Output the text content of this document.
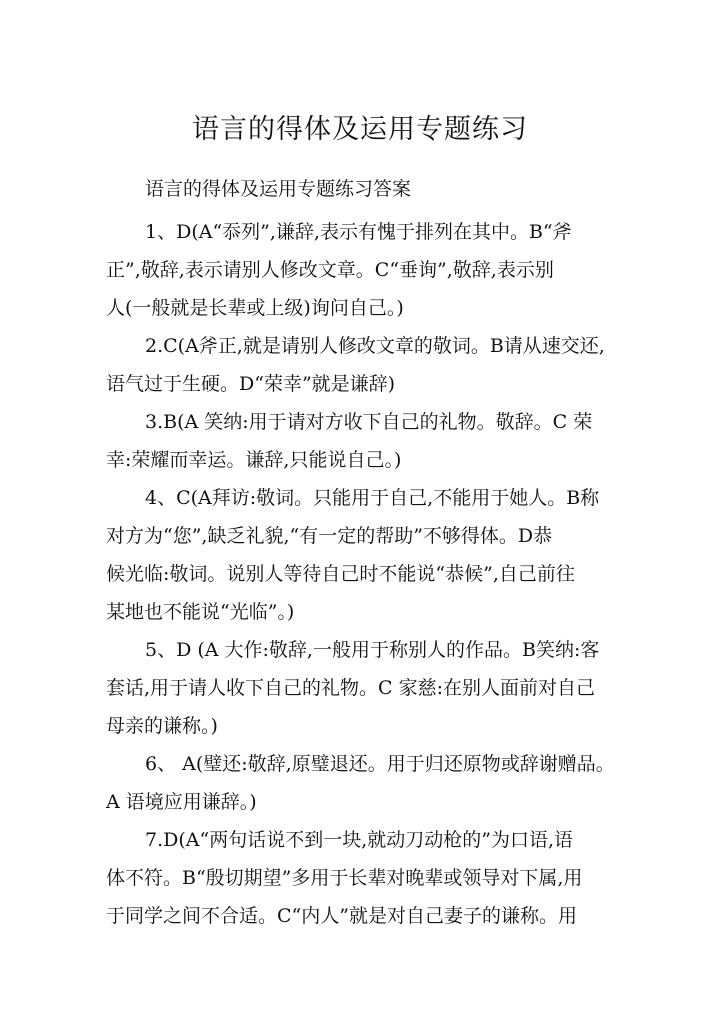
语言的得体及运用专题练习
语言的得体及运用专题练习答案
1、D(A“忝列”,谦辞,表示有愧于排列在其中。B“斧
正”,敬辞,表示请别人修改文章。C“垂询”,敬辞,表示别
人(一般就是长辈或上级)询问自己。)
2.C(A斧正,就是请别人修改文章的敬词。B请从速交还,
语气过于生硬。D“荣幸”就是谦辞)
3.B(A 笑纳:用于请对方收下自己的礼物。敬辞。C 荣
幸:荣耀而幸运。谦辞,只能说自己。)
4、C(A拜访:敬词。只能用于自己,不能用于她人。B称
对方为“您”,缺乏礼貌,“有一定的帮助”不够得体。D恭
候光临:敬词。说别人等待自己时不能说“恭候”,自己前往
某地也不能说“光临”。)
5、D (A 大作:敬辞,一般用于称别人的作品。B笑纳:客
套话,用于请人收下自己的礼物。C 家慈:在别人面前对自己
母亲的谦称。)
6、 A(璧还:敬辞,原璧退还。用于归还原物或辞谢赠品。
A 语境应用谦辞。)
7.D(A“两句话说不到一块,就动刀动枪的”为口语,语
体不符。B“殷切期望”多用于长辈对晚辈或领导对下属,用
于同学之间不合适。C“内人”就是对自己妻子的谦称。用
